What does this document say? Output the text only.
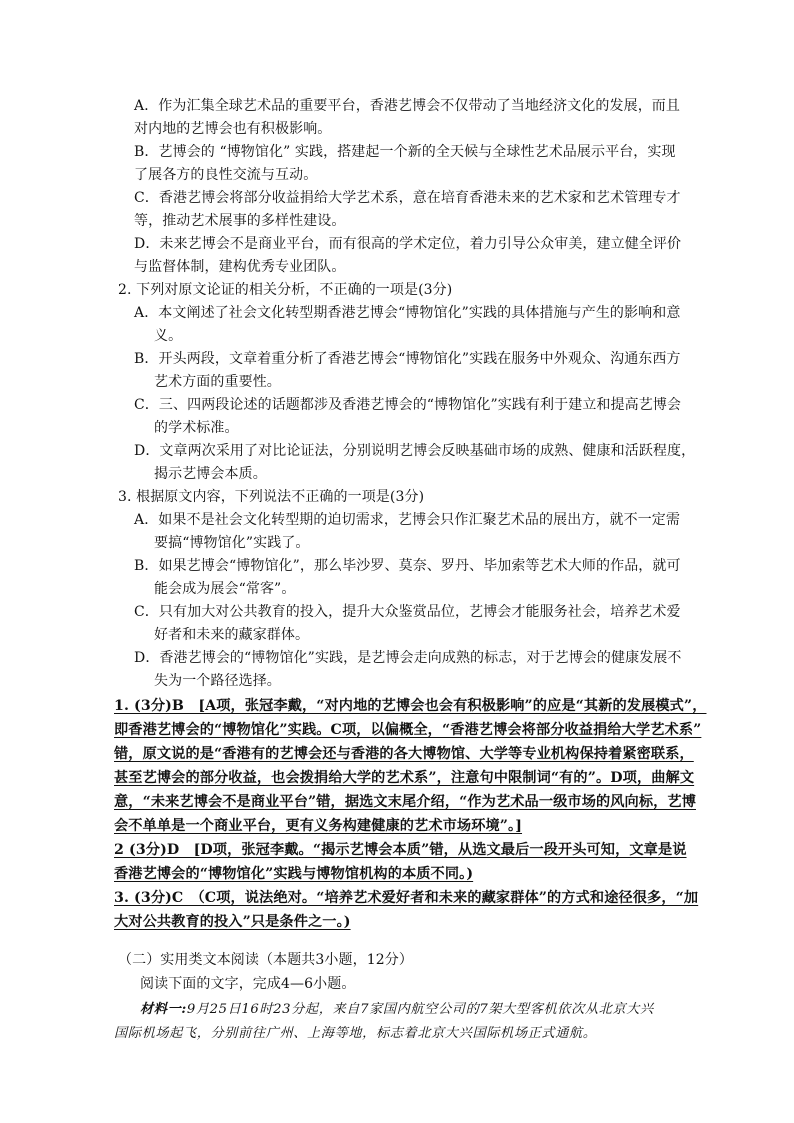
A．作为汇集全球艺术品的重要平台，香港艺博会不仅带动了当地经济文化的发展，而且
对内地的艺博会也有积极影响。
B．艺博会的 “博物馆化” 实践，搭建起一个新的全天候与全球性艺术品展示平台，实现
了展各方的良性交流与互动。
C．香港艺博会将部分收益捐给大学艺术系，意在培育香港未来的艺术家和艺术管理专才
等，推动艺术展事的多样性建设。
D．未来艺博会不是商业平台，而有很高的学术定位，着力引导公众审美，建立健全评价
与监督体制，建构优秀专业团队。
2. 下列对原文论证的相关分析，不正确的一项是(3分)
A．本文阐述了社会文化转型期香港艺博会“博物馆化”实践的具体措施与产生的影响和意
义。
B．开头两段，文章着重分析了香港艺博会“博物馆化”实践在服务中外观众、沟通东西方
艺术方面的重要性。
C．三、四两段论述的话题都涉及香港艺博会的“博物馆化”实践有利于建立和提高艺博会
的学术标准。
D．文章两次采用了对比论证法，分别说明艺博会反映基础市场的成熟、健康和活跃程度，
揭示艺博会本质。
3. 根据原文内容，下列说法不正确的一项是(3分)
A．如果不是社会文化转型期的迫切需求，艺博会只作汇聚艺术品的展出方，就不一定需
要搞“博物馆化”实践了。
B．如果艺博会“博物馆化”，那么毕沙罗、莫奈、罗丹、毕加索等艺术大师的作品，就可
能会成为展会“常客”。
C．只有加大对公共教育的投入，提升大众鉴赏品位，艺博会才能服务社会，培养艺术爱
好者和未来的藏家群体。
D．香港艺博会的“博物馆化”实践，是艺博会走向成熟的标志，对于艺博会的健康发展不
失为一个路径选择。
1. (3分)B　[A项，张冠李戴，“对内地的艺博会也会有积极影响”的应是“其新的发展模式”，
即香港艺博会的“博物馆化”实践。C项，以偏概全，“香港艺博会将部分收益捐给大学艺术系”
错，原文说的是“香港有的艺博会还与香港的各大博物馆、大学等专业机构保持着紧密联系，
甚至艺博会的部分收益，也会拨捐给大学的艺术系”，注意句中限制词“有的”。D项，曲解文
意，“未来艺博会不是商业平台”错，据选文末尾介绍，“作为艺术品一级市场的风向标，艺博
会不单单是一个商业平台，更有义务构建健康的艺术市场环境”。]
2 (3分)D　[D项，张冠李戴。“揭示艺博会本质”错，从选文最后一段开头可知，文章是说
香港艺博会的“博物馆化”实践与博物馆机构的本质不同。)
3. (3分)C　（C项，说法绝对。“培养艺术爱好者和未来的藏家群体”的方式和途径很多，“加
大对公共教育的投入”只是条件之一。)
（二）实用类文本阅读（本题共3小题，12分）
阅读下面的文字，完成4—6小题。
材料一:9月25日16时23分起，来自7家国内航空公司的7架大型客机依次从北京大兴
国际机场起飞，分别前往广州、上海等地，标志着北京大兴国际机场正式通航。
